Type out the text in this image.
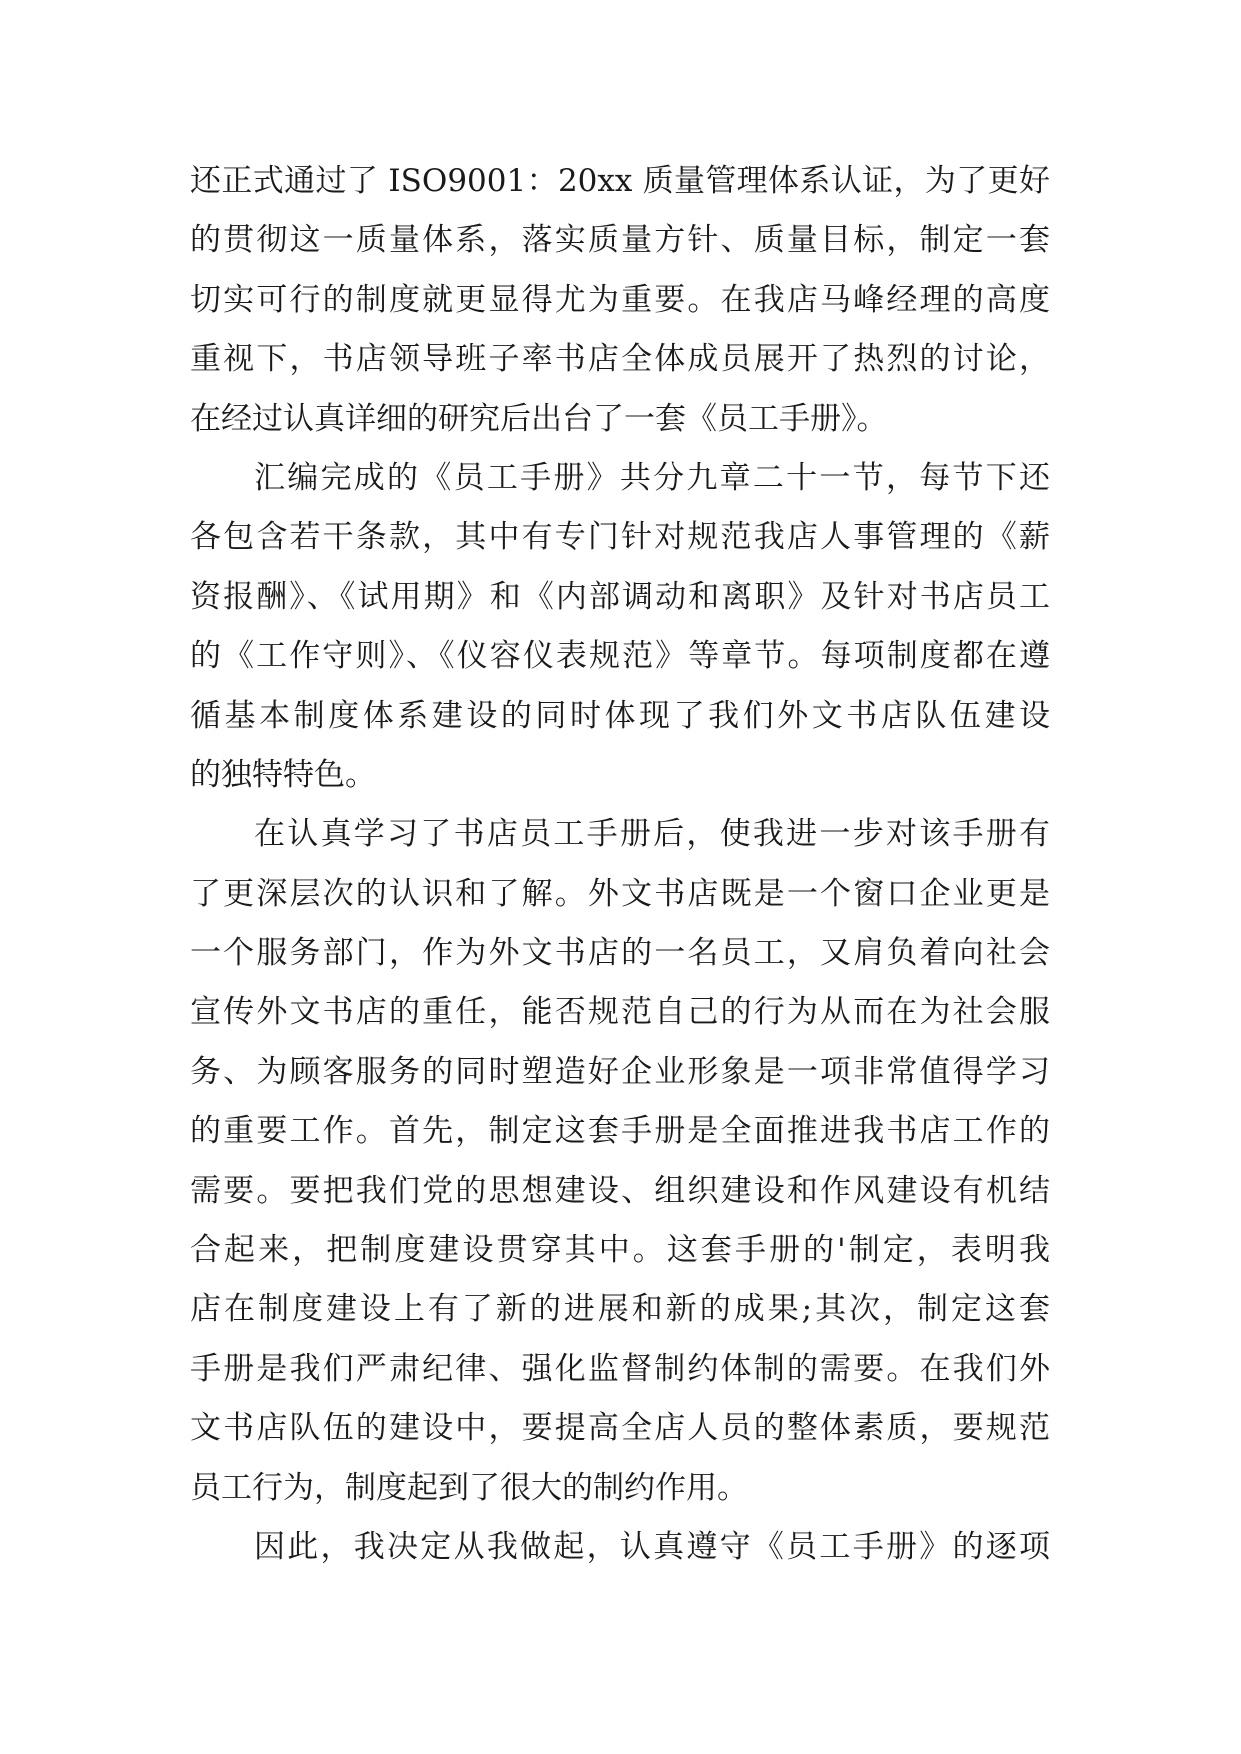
还正式通过了 ISO9001：20xx 质量管理体系认证，为了更好
的贯彻这一质量体系，落实质量方针、质量目标，制定一套
切实可行的制度就更显得尤为重要。在我店马峰经理的高度
重视下，书店领导班子率书店全体成员展开了热烈的讨论，
在经过认真详细的研究后出台了一套《员工手册》。
汇编完成的《员工手册》共分九章二十一节，每节下还
各包含若干条款，其中有专门针对规范我店人事管理的《薪
资报酬》、《试用期》和《内部调动和离职》及针对书店员工
的《工作守则》、《仪容仪表规范》等章节。每项制度都在遵
循基本制度体系建设的同时体现了我们外文书店队伍建设
的独特特色。
在认真学习了书店员工手册后，使我进一步对该手册有
了更深层次的认识和了解。外文书店既是一个窗口企业更是
一个服务部门，作为外文书店的一名员工，又肩负着向社会
宣传外文书店的重任，能否规范自己的行为从而在为社会服
务、为顾客服务的同时塑造好企业形象是一项非常值得学习
的重要工作。首先，制定这套手册是全面推进我书店工作的
需要。要把我们党的思想建设、组织建设和作风建设有机结
合起来，把制度建设贯穿其中。这套手册的'制定，表明我
店在制度建设上有了新的进展和新的成果;其次，制定这套
手册是我们严肃纪律、强化监督制约体制的需要。在我们外
文书店队伍的建设中，要提高全店人员的整体素质，要规范
员工行为，制度起到了很大的制约作用。
因此，我决定从我做起，认真遵守《员工手册》的逐项
